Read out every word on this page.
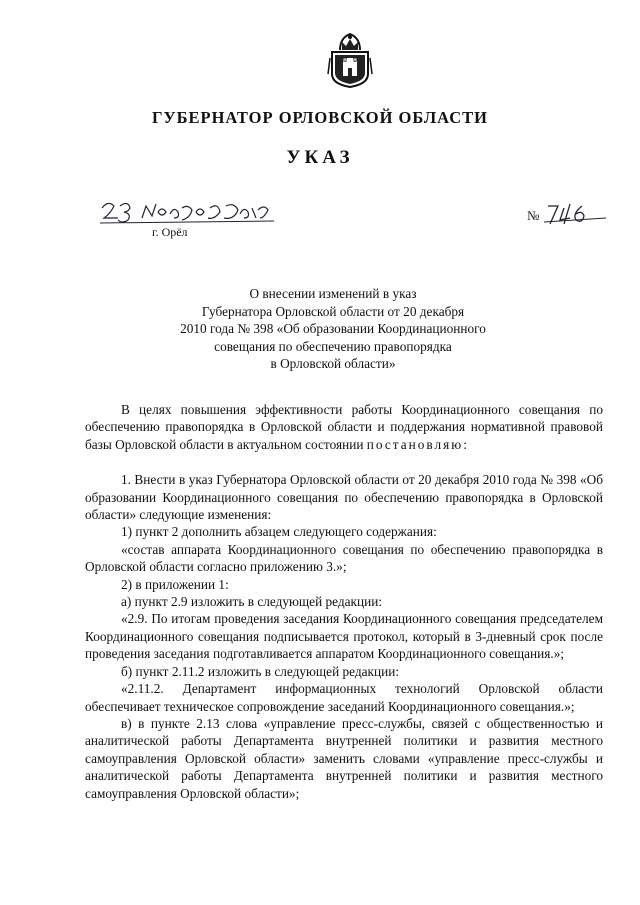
ГУБЕРНАТОР ОРЛОВСКОЙ ОБЛАСТИ
УКАЗ
г. Орёл
№
О внесении изменений в указ
Губернатора Орловской области от 20 декабря
2010 года № 398 «Об образовании Координационного
совещания по обеспечению правопорядка
в Орловской области»

В целях повышения эффективности работы Координационного совещания по обеспечению правопорядка в Орловской области и поддержания нормативной правовой базы Орловской области в актуальном состоянии постановляю:

1. Внести в указ Губернатора Орловской области от 20 декабря 2010 года № 398 «Об образовании Координационного совещания по обеспечению правопорядка в Орловской области» следующие изменения:

1) пункт 2 дополнить абзацем следующего содержания:

«состав аппарата Координационного совещания по обеспечению правопорядка в Орловской области согласно приложению 3.»;

2) в приложении 1:

а) пункт 2.9 изложить в следующей редакции:

«2.9. По итогам проведения заседания Координационного совещания председателем Координационного совещания подписывается протокол, который в 3-дневный срок после проведения заседания подготавливается аппаратом Координационного совещания.»;

б) пункт 2.11.2 изложить в следующей редакции:

«2.11.2. Департамент информационных технологий Орловской области обеспечивает техническое сопровождение заседаний Координационного совещания.»;

в) в пункте 2.13 слова «управление пресс-службы, связей с общественностью и аналитической работы Департамента внутренней политики и развития местного самоуправления Орловской области» заменить словами «управление пресс-службы и аналитической работы Департамента внутренней политики и развития местного самоуправления Орловской области»;
